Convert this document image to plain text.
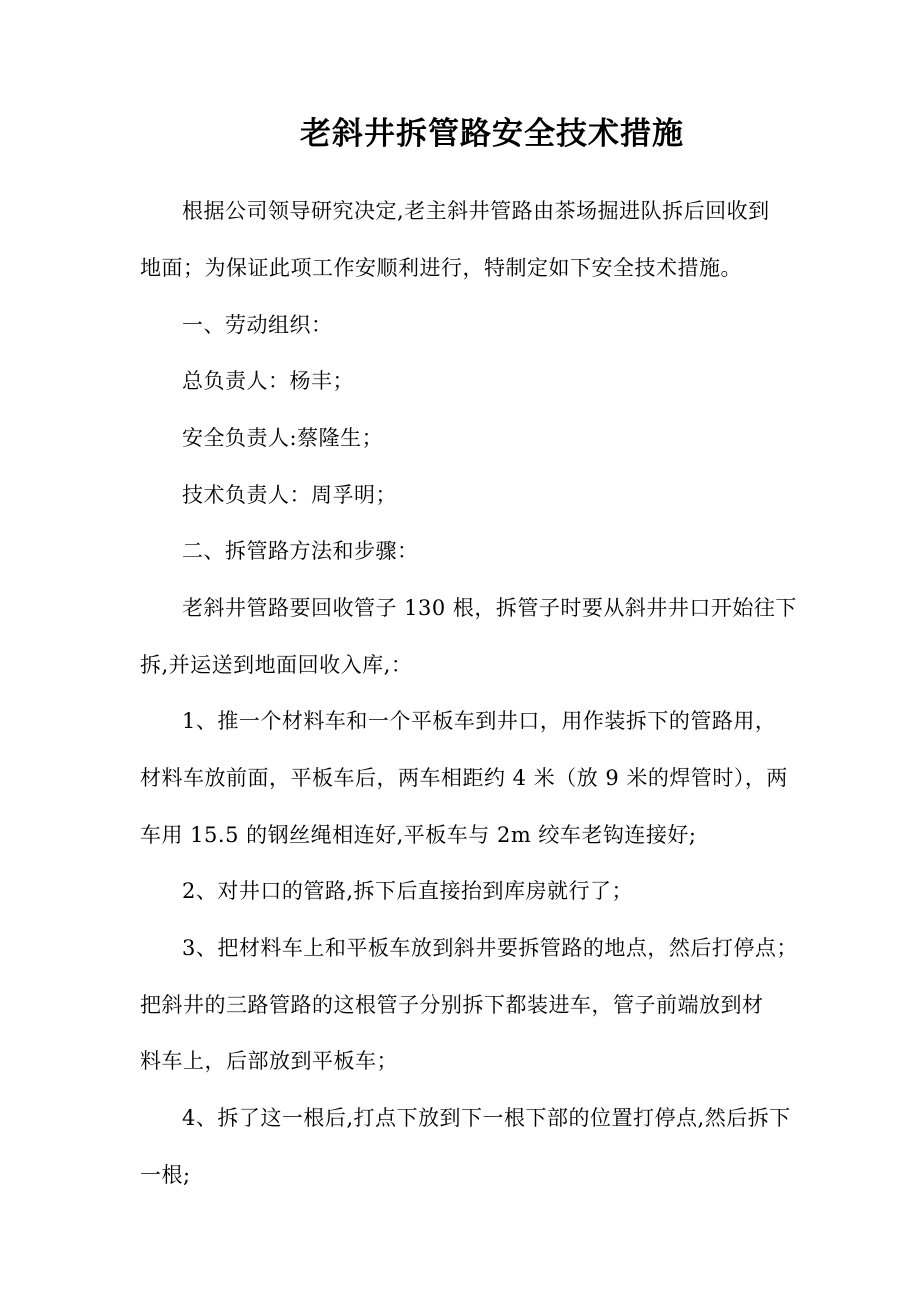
老斜井拆管路安全技术措施
根据公司领导研究决定,老主斜井管路由茶场掘进队拆后回收到
地面；为保证此项工作安顺利进行，特制定如下安全技术措施。
一、劳动组织：
总负责人：杨丰；
安全负责人:蔡隆生；
技术负责人：周孚明；
二、拆管路方法和步骤：
老斜井管路要回收管子 130 根，拆管子时要从斜井井口开始往下
拆,并运送到地面回收入库,：
1、推一个材料车和一个平板车到井口，用作装拆下的管路用，
材料车放前面，平板车后，两车相距约 4 米（放 9 米的焊管时），两
车用 15.5 的钢丝绳相连好,平板车与 2m 绞车老钩连接好;
2、对井口的管路,拆下后直接抬到库房就行了；
3、把材料车上和平板车放到斜井要拆管路的地点，然后打停点；
把斜井的三路管路的这根管子分别拆下都装进车，管子前端放到材
料车上，后部放到平板车；
4、拆了这一根后,打点下放到下一根下部的位置打停点,然后拆下
一根;
